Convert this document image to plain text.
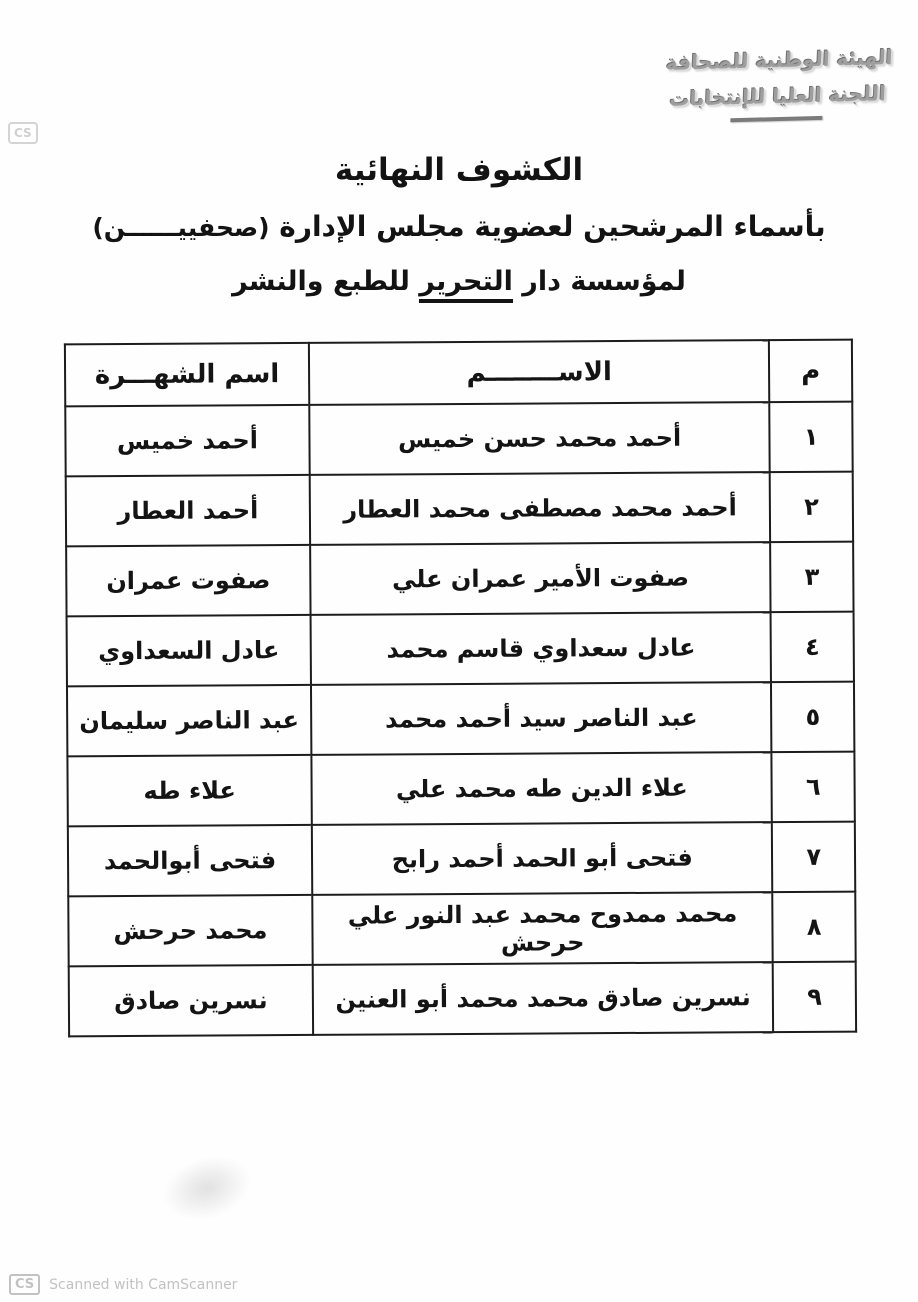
الهيئة الوطنية للصحافة
اللجنة العليا للإنتخابات
CS
الكشوف النهائية
بأسماء المرشحين لعضوية مجلس الإدارة (صحفييــــــن)
لمؤسسة دار التحرير للطبع والنشر
م	الاســــــــم	اسم الشهـــرة
١	أحمد محمد حسن خميس	أحمد خميس
٢	أحمد محمد مصطفى محمد العطار	أحمد العطار
٣	صفوت الأمير عمران علي	صفوت عمران
٤	عادل سعداوي قاسم محمد	عادل السعداوي
٥	عبد الناصر سيد أحمد محمد	عبد الناصر سليمان
٦	علاء الدين طه محمد علي	علاء طه
٧	فتحى أبو الحمد أحمد رابح	فتحى أبوالحمد
٨	محمد ممدوح محمد عبد النور علي حرحش	محمد حرحش
٩	نسرين صادق محمد محمد أبو العنين	نسرين صادق
CS	Scanned with CamScanner
